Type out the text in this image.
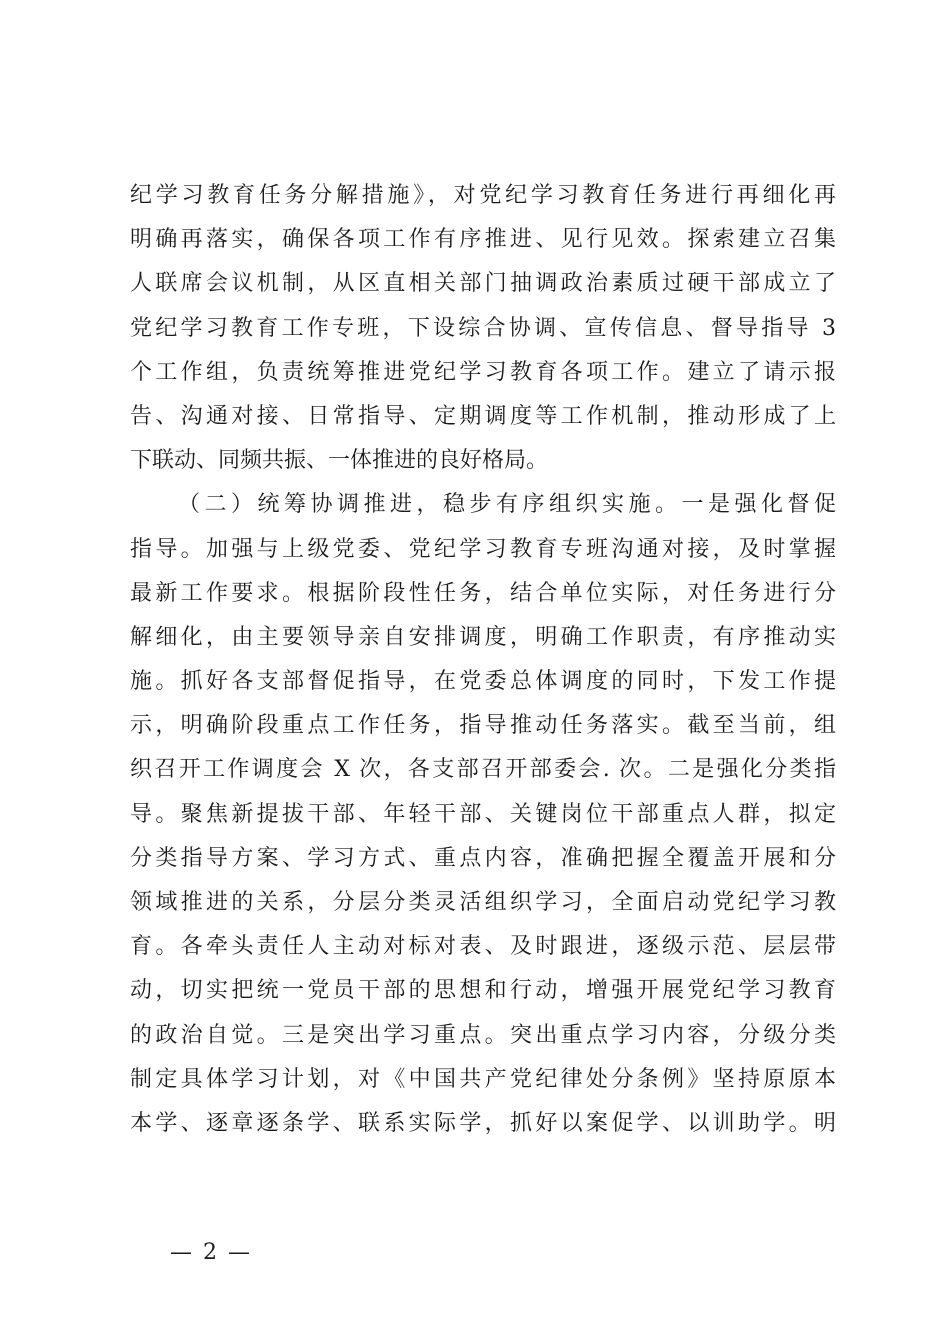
纪学习教育任务分解措施》，对党纪学习教育任务进行再细化再
明确再落实，确保各项工作有序推进、见行见效。探索建立召集
人联席会议机制，从区直相关部门抽调政治素质过硬干部成立了
党纪学习教育工作专班，下设综合协调、宣传信息、督导指导 3
个工作组，负责统筹推进党纪学习教育各项工作。建立了请示报
告、沟通对接、日常指导、定期调度等工作机制，推动形成了上
下联动、同频共振、一体推进的良好格局。
（二）统筹协调推进，稳步有序组织实施。一是强化督促
指导。加强与上级党委、党纪学习教育专班沟通对接，及时掌握
最新工作要求。根据阶段性任务，结合单位实际，对任务进行分
解细化，由主要领导亲自安排调度，明确工作职责，有序推动实
施。抓好各支部督促指导，在党委总体调度的同时，下发工作提
示，明确阶段重点工作任务，指导推动任务落实。截至当前，组
织召开工作调度会 X 次，各支部召开部委会. 次。二是强化分类指
导。聚焦新提拔干部、年轻干部、关键岗位干部重点人群，拟定
分类指导方案、学习方式、重点内容，准确把握全覆盖开展和分
领域推进的关系，分层分类灵活组织学习，全面启动党纪学习教
育。各牵头责任人主动对标对表、及时跟进，逐级示范、层层带
动，切实把统一党员干部的思想和行动，增强开展党纪学习教育
的政治自觉。三是突出学习重点。突出重点学习内容，分级分类
制定具体学习计划，对《中国共产党纪律处分条例》坚持原原本
本学、逐章逐条学、联系实际学，抓好以案促学、以训助学。明
— 2 —
